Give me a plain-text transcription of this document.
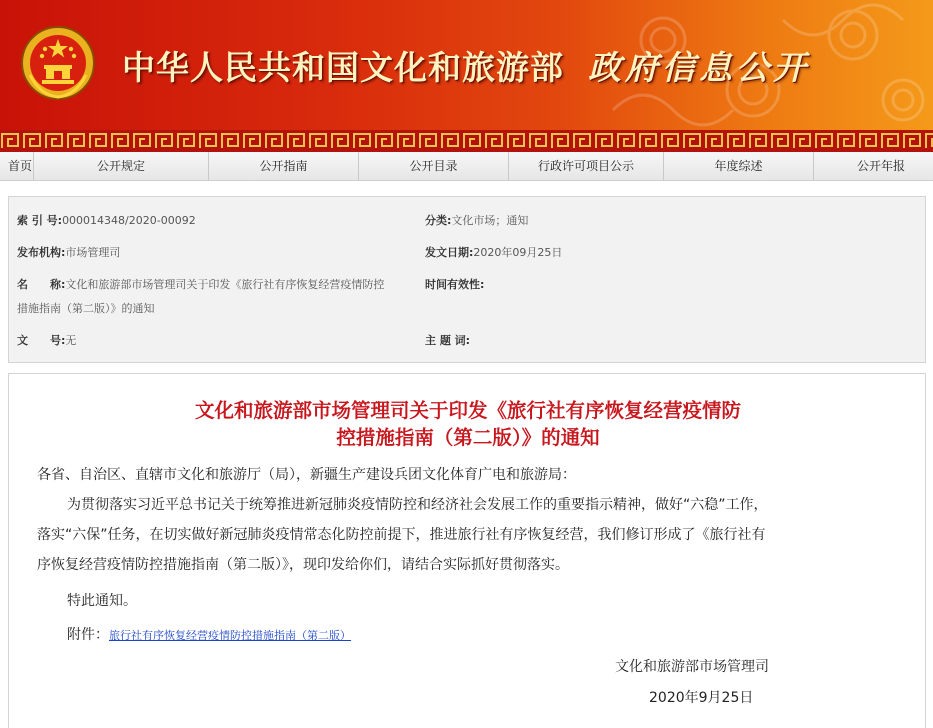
中华人民共和国文化和旅游部 政府信息公开
首页	公开规定	公开指南	公开目录	行政许可项目公示	年度综述	公开年报
索 引 号:000014348/2020-00092	分类:文化市场；通知
发布机构:市场管理司	发文日期:2020年09月25日
名　　称:文化和旅游部市场管理司关于印发《旅行社有序恢复经营疫情防控
措施指南（第二版）》的通知
时间有效性:
文　　号:无	主 题 词:
文化和旅游部市场管理司关于印发《旅行社有序恢复经营疫情防
控措施指南（第二版）》的通知
各省、自治区、直辖市文化和旅游厅（局），新疆生产建设兵团文化体育广电和旅游局：
为贯彻落实习近平总书记关于统筹推进新冠肺炎疫情防控和经济社会发展工作的重要指示精神，做好“六稳”工作，
落实“六保”任务，在切实做好新冠肺炎疫情常态化防控前提下，推进旅行社有序恢复经营，我们修订形成了《旅行社有
序恢复经营疫情防控措施指南（第二版）》，现印发给你们，请结合实际抓好贯彻落实。
特此通知。
附件：旅行社有序恢复经营疫情防控措施指南（第二版）
文化和旅游部市场管理司
2020年9月25日
